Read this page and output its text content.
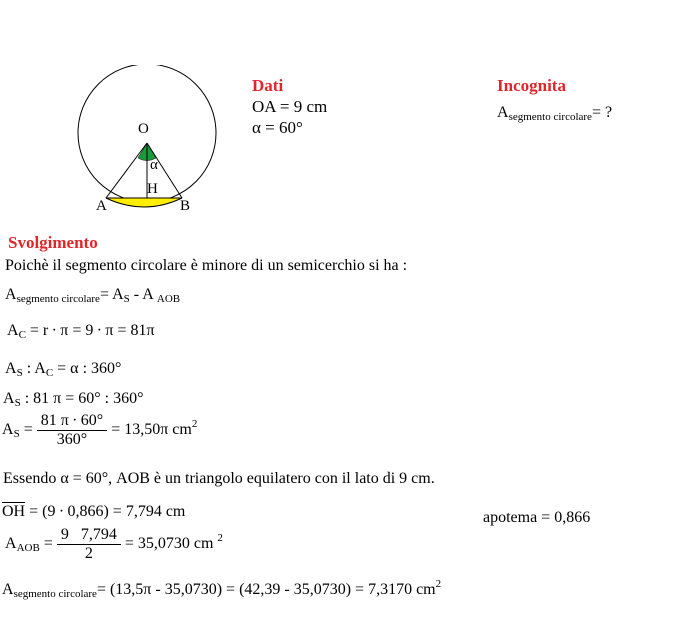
O
α
H
A	B
Dati
OA = 9 cm
α = 60°
Incognita
$A_{segmento circolare}=$ ?
Svolgimento
Poichè il segmento circolare è minore di un semicerchio si ha :
$A_{segmento circolare}= A_S - A$ $_{AOB}$
$A_C = r \cdot \pi = 9 \cdot \pi = 81\pi$
$A_S$ : $A_C = \alpha$ : 360°
$A_S$ : 81 π = 60° : 360°
$A_S = \frac{81 \pi \cdot 60^\circ}{360^\circ} = 13,50\pi$ $cm^2$
Essendo α = 60°, AOB è un triangolo equilatero con il lato di 9 cm.
$\overline{OH} = (9 \cdot 0,866) = 7,794$ cm	apotema = 0,866
$A_{AOB} = \frac{9 7,794}{2} = 35,0730$ cm $^2$
$A_{segmento circolare}= (13,5\pi - 35,0730) = (42,39 - 35,0730) = 7,3170$ $cm^2$
